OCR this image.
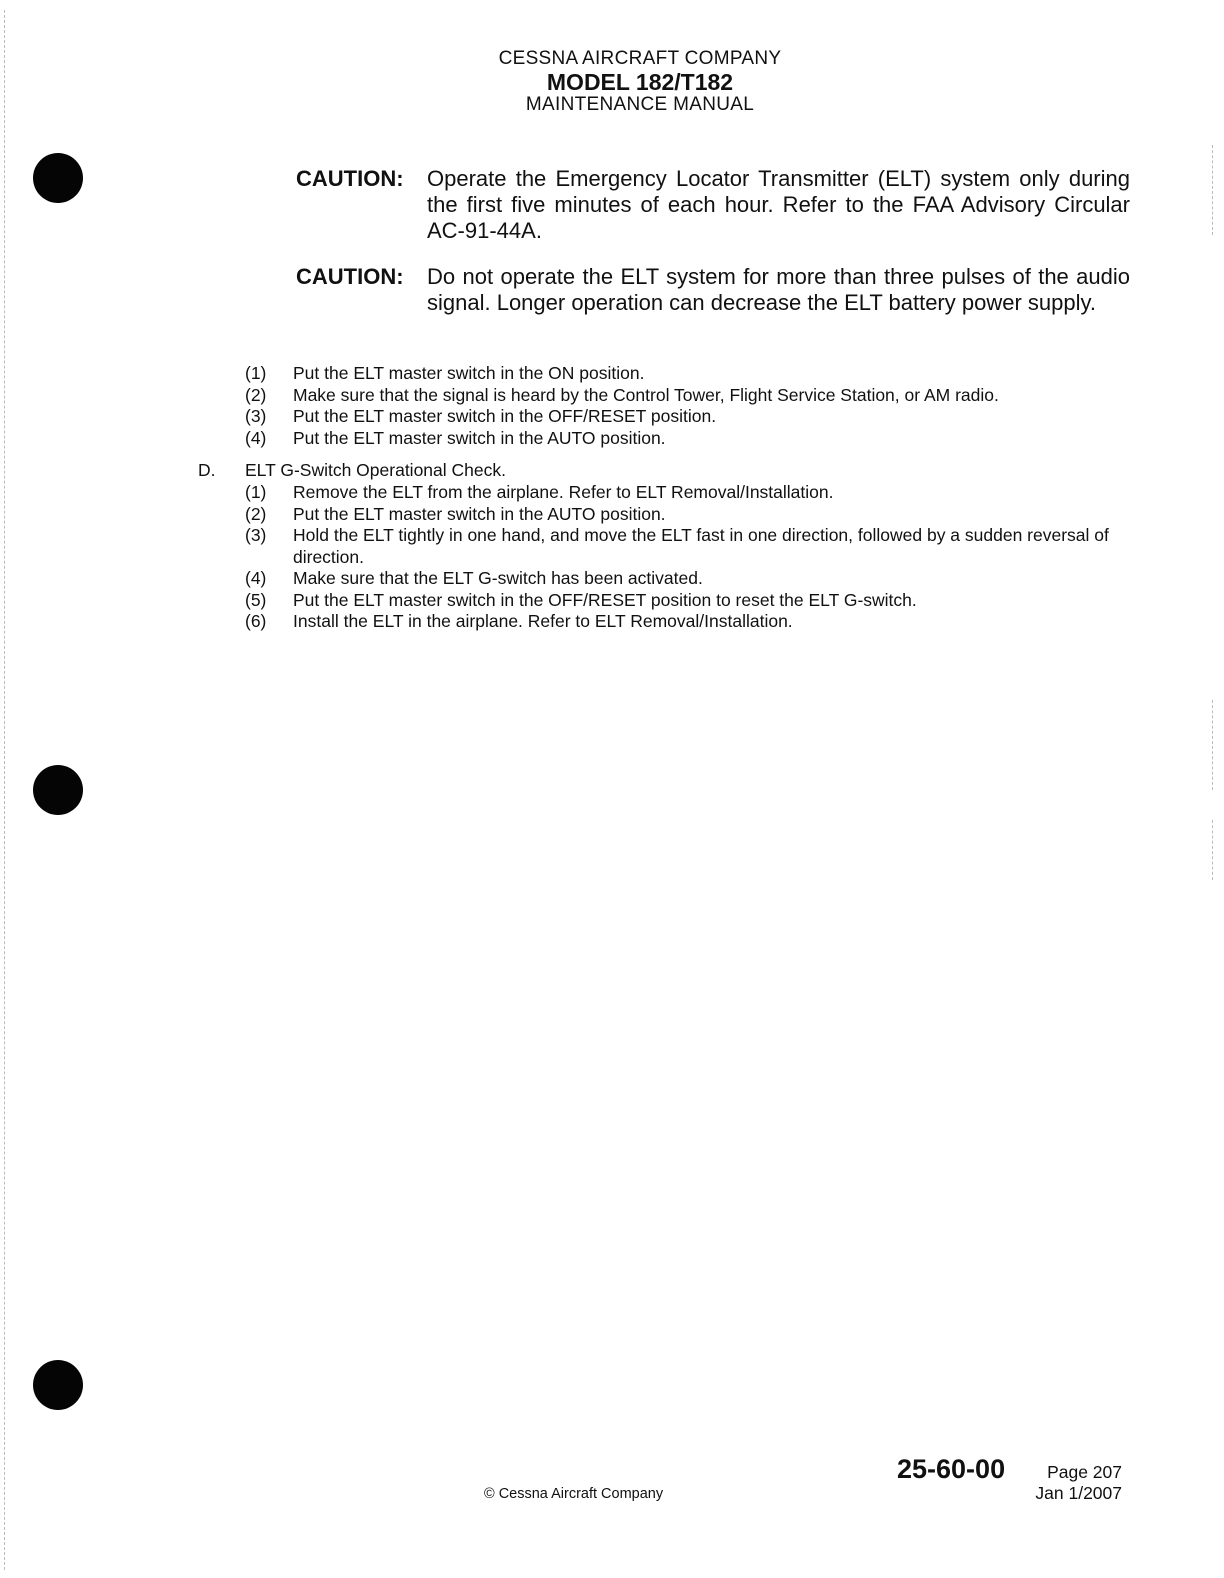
CESSNA AIRCRAFT COMPANY
MODEL 182/T182
MAINTENANCE MANUAL
CAUTION: Operate the Emergency Locator Transmitter (ELT) system only during the first five minutes of each hour. Refer to the FAA Advisory Circular AC-91-44A.
CAUTION: Do not operate the ELT system for more than three pulses of the audio signal. Longer operation can decrease the ELT battery power supply.
(1) Put the ELT master switch in the ON position.
(2) Make sure that the signal is heard by the Control Tower, Flight Service Station, or AM radio.
(3) Put the ELT master switch in the OFF/RESET position.
(4) Put the ELT master switch in the AUTO position.
D. ELT G-Switch Operational Check.
(1) Remove the ELT from the airplane. Refer to ELT Removal/Installation.
(2) Put the ELT master switch in the AUTO position.
(3) Hold the ELT tightly in one hand, and move the ELT fast in one direction, followed by a sudden reversal of direction.
(4) Make sure that the ELT G-switch has been activated.
(5) Put the ELT master switch in the OFF/RESET position to reset the ELT G-switch.
(6) Install the ELT in the airplane. Refer to ELT Removal/Installation.
© Cessna Aircraft Company
25-60-00	Page 207
Jan 1/2007
